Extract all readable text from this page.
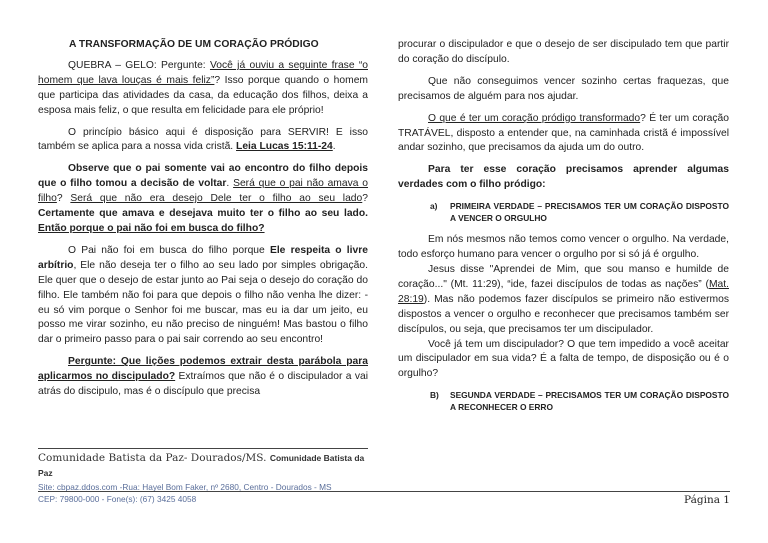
A TRANSFORMAÇÃO DE UM CORAÇÃO PRÓDIGO

QUEBRA – GELO: Pergunte: Você já ouviu a seguinte frase “o homem que lava louças é mais feliz”? Isso porque quando o homem que participa das atividades da casa, da educação dos filhos, deixa a esposa mais feliz, o que resulta em felicidade para ele próprio!

O princípio básico aqui é disposição para SERVIR! E isso também se aplica para a nossa vida cristã. Leia Lucas 15:11-24.

Observe que o pai somente vai ao encontro do filho depois que o filho tomou a decisão de voltar. Será que o pai não amava o filho? Será que não era desejo Dele ter o filho ao seu lado? Certamente que amava e desejava muito ter o filho ao seu lado. Então porque o pai não foi em busca do filho?

O Pai não foi em busca do filho porque Ele respeita o livre arbítrio, Ele não deseja ter o filho ao seu lado por simples obrigação. Ele quer que o desejo de estar junto ao Pai seja o desejo do coração do filho. Ele também não foi para que depois o filho não venha lhe dizer: - eu só vim porque o Senhor foi me buscar, mas eu ia dar um jeito, eu posso me virar sozinho, eu não preciso de ninguém! Mas bastou o filho dar o primeiro passo para o pai sair correndo ao seu encontro!

Pergunte: Que lições podemos extrair desta parábola para aplicarmos no discipulado? Extraímos que não é o discipulador a vai atrás do discipulo, mas é o discípulo que precisa

procurar o discipulador e que o desejo de ser discipulado tem que partir do coração do discípulo.

Que não conseguimos vencer sozinho certas fraquezas, que precisamos de alguém para nos ajudar.

O que é ter um coração pródigo transformado? É ter um coração TRATÁVEL, disposto a entender que, na caminhada cristã é impossível andar sozinho, que precisamos da ajuda um do outro.

Para ter esse coração precisamos aprender algumas verdades com o filho pródigo:

a) PRIMEIRA VERDADE – PRECISAMOS TER UM CORAÇÃO DISPOSTO A VENCER O ORGULHO

Em nós mesmos não temos como vencer o orgulho. Na verdade, todo esforço humano para vencer o orgulho por si só já é orgulho.

Jesus disse "Aprendei de Mim, que sou manso e humilde de coração..." (Mt. 11:29), “ide, fazei discípulos de todas as nações” (Mat. 28:19). Mas não podemos fazer discípulos se primeiro não estivermos dispostos a vencer o orgulho e reconhecer que precisamos também ser discípulos, ou seja, que precisamos ter um discipulador.

Você já tem um discipulador? O que tem impedido a você aceitar um discipulador em sua vida? É a falta de tempo, de disposição ou é o orgulho?

B) SEGUNDA VERDADE – PRECISAMOS TER UM CORAÇÃO DISPOSTO A RECONHECER O ERRO

Comunidade Batista da Paz- Dourados/MS. Comunidade Batista da Paz
Site: cbpaz.ddos.com -Rua: Hayel Bom Faker, nº 2680, Centro - Dourados - MS
CEP: 79800-000 - Fone(s): (67) 3425 4058	Página 1
